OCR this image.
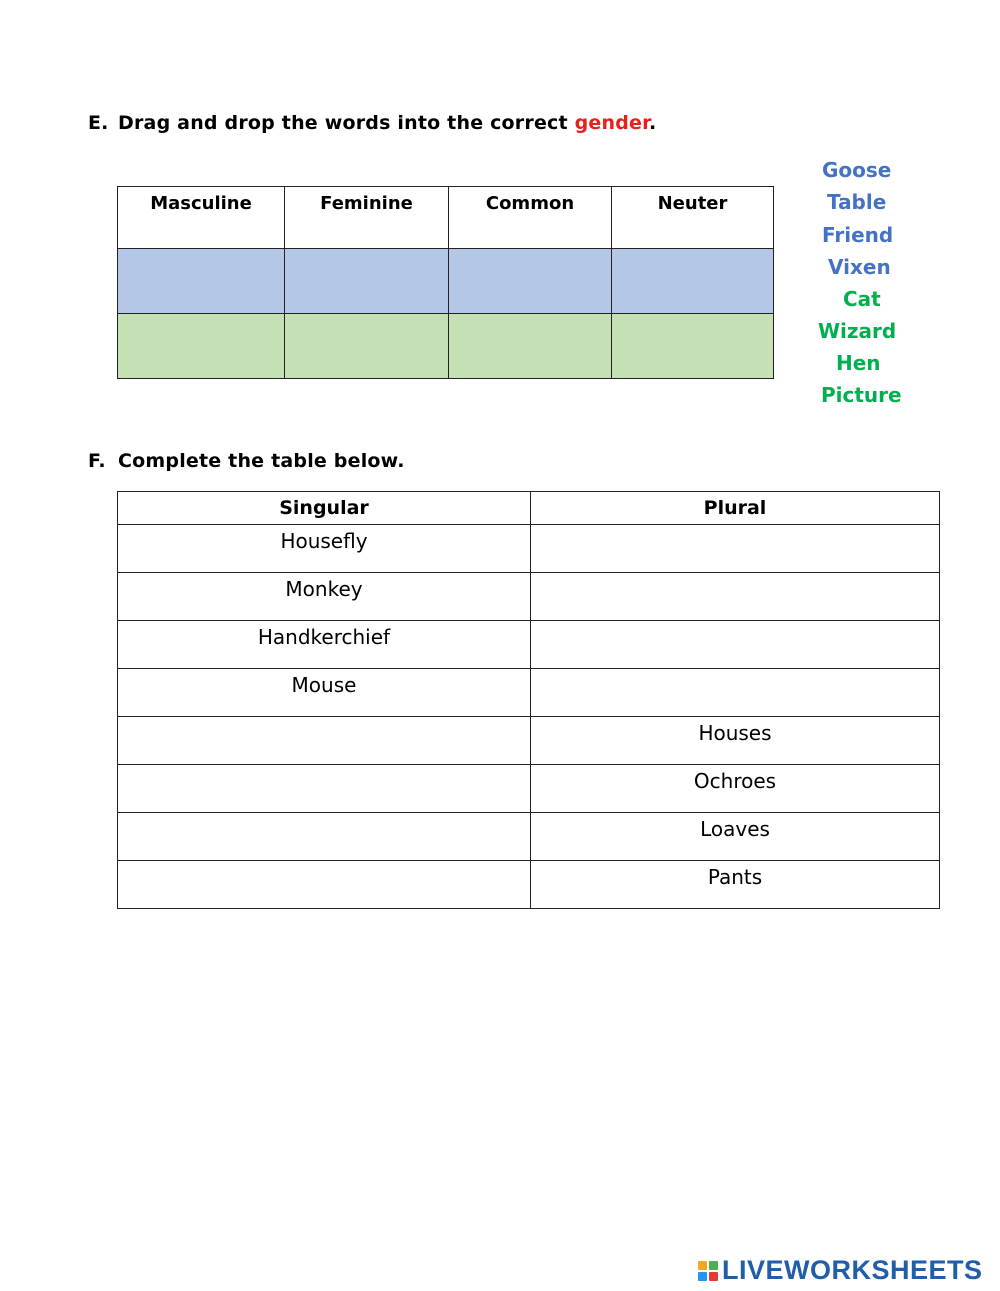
E. Drag and drop the words into the correct gender.
Masculine	Feminine	Common	Neuter

Goose
Table
Friend
Vixen
Cat
Wizard
Hen
Picture
F. Complete the table below.
Singular	Plural
Housefly	
Monkey	
Handkerchief	
Mouse	
	Houses
	Ochroes
	Loaves
	Pants
LIVEWORKSHEETS
